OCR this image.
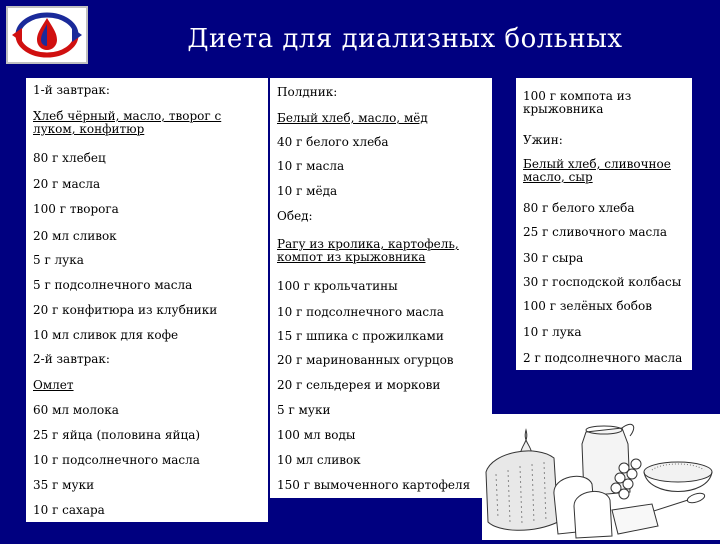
Диета для диализных больных
1-й завтрак:
Хлеб чёрный, масло, творог с луком, конфитюр
80 г хлебец
20 г масла
100 г творога
20 мл сливок
5 г лука
5 г подсолнечного масла
20 г конфитюра из клубники
10 мл сливок для кофе
2-й завтрак:
Омлет
60 мл молока
25 г яйца (половина яйца)
10 г подсолнечного масла
35 г муки
10 г сахара
Полдник:
Белый хлеб, масло, мёд
40 г белого хлеба
10 г масла
10 г мёда
Обед:
Рагу из кролика, картофель, компот из крыжовника
100 г крольчатины
10 г подсолнечного масла
15 г шпика с прожилками
20 г маринованных огурцов
20 г сельдерея и моркови
5 г муки
100 мл воды
10 мл сливок
150 г вымоченного картофеля
100 г компота из крыжовника
Ужин:
Белый хлеб, сливочное масло, сыр
80 г белого хлеба
25 г сливочного масла
30 г сыра
30 г господской колбасы
100 г зелёных бобов
10 г лука
2 г подсолнечного масла
